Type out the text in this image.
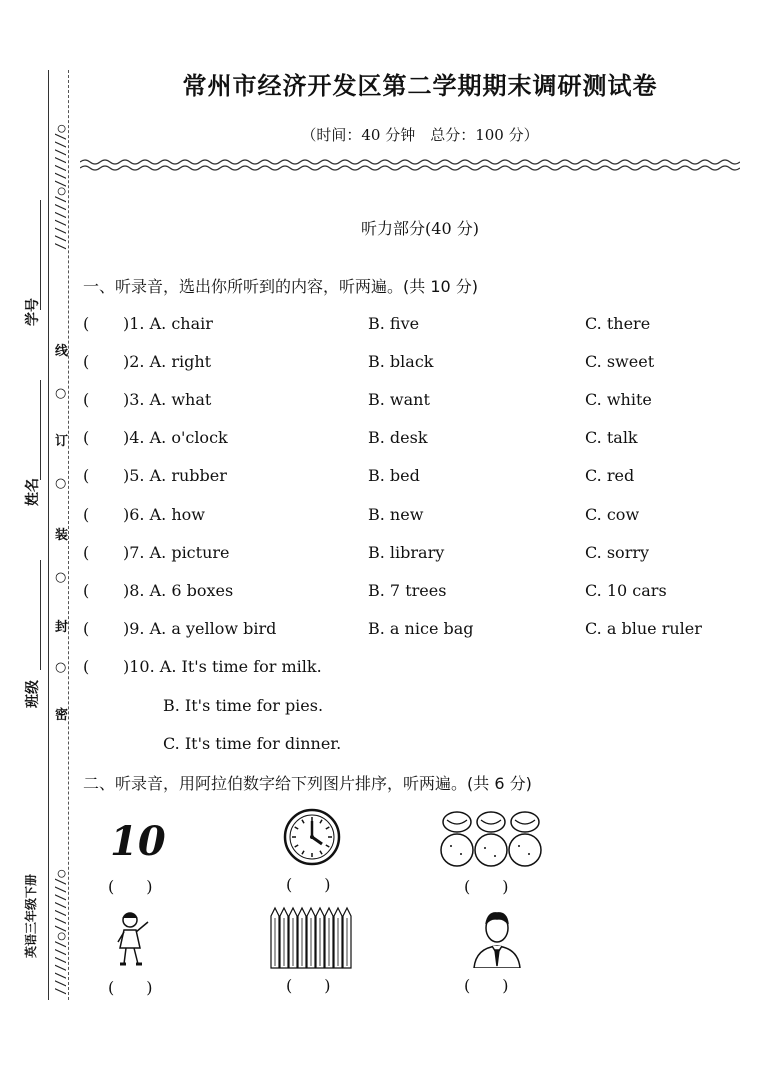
///////○///////○
///////○///////○
学号
姓名
班级
线
○
订
○
装
○
封
○
密
英语三年级下册
常州市经济开发区第二学期期末调研测试卷
（时间：40 分钟　总分：100 分）
听力部分(40 分)
一、听录音，选出你所听到的内容，听两遍。(共 10 分)
( )1. A. chair	B. five	C. there
( )2. A. right	B. black	C. sweet
( )3. A. what	B. want	C. white
( )4. A. o'clock	B. desk	C. talk
( )5. A. rubber	B. bed	C. red
( )6. A. how	B. new	C. cow
( )7. A. picture	B. library	C. sorry
( )8. A. 6 boxes	B. 7 trees	C. 10 cars
( )9. A. a yellow bird	B. a nice bag	C. a blue ruler
( )10. A. It's time for milk.
B. It's time for pies.
C. It's time for dinner.
二、听录音，用阿拉伯数字给下列图片排序，听两遍。(共 6 分)
10
(　　)	(　　)	(　　)
(　　)	(　　)	(　　)
